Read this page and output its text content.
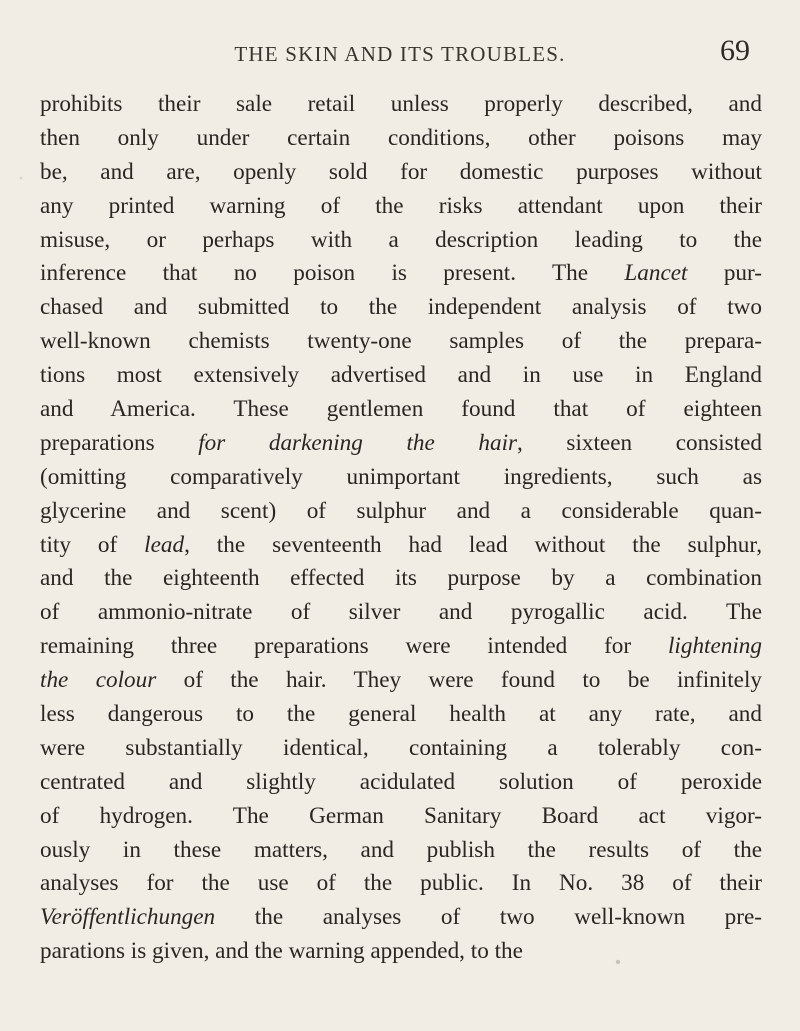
THE SKIN AND ITS TROUBLES.	69
prohibits their sale retail unless properly described, and
then only under certain conditions, other poisons may
be, and are, openly sold for domestic purposes without
any printed warning of the risks attendant upon their
misuse, or perhaps with a description leading to the
inference that no poison is present. The Lancet pur-
chased and submitted to the independent analysis of two
well-known chemists twenty-one samples of the prepara-
tions most extensively advertised and in use in England
and America. These gentlemen found that of eighteen
preparations for darkening the hair, sixteen consisted
(omitting comparatively unimportant ingredients, such as
glycerine and scent) of sulphur and a considerable quan-
tity of lead, the seventeenth had lead without the sulphur,
and the eighteenth effected its purpose by a combination
of ammonio-nitrate of silver and pyrogallic acid. The
remaining three preparations were intended for lightening
the colour of the hair. They were found to be infinitely
less dangerous to the general health at any rate, and
were substantially identical, containing a tolerably con-
centrated and slightly acidulated solution of peroxide
of hydrogen. The German Sanitary Board act vigor-
ously in these matters, and publish the results of the
analyses for the use of the public. In No. 38 of their
Veröffentlichungen the analyses of two well-known pre-
parations is given, and the warning appended, to the
